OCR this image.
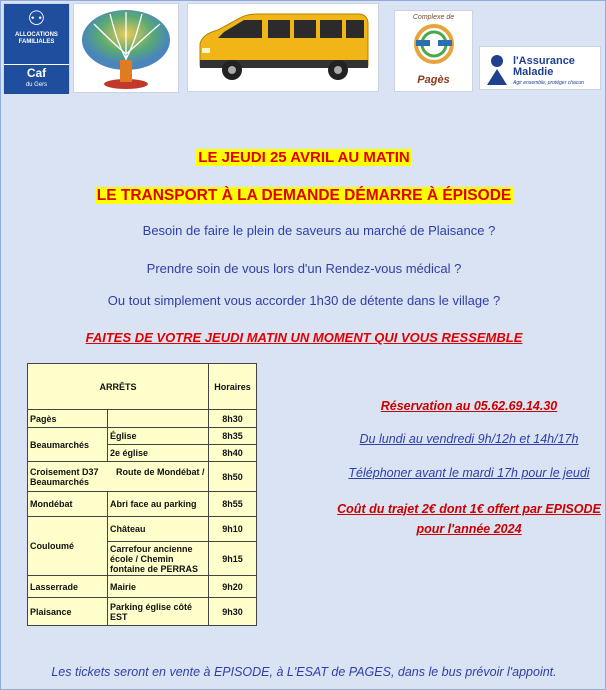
⚇
ALLOCATIONS
FAMILIALES
Caf
du Gers
Complexe de
Pagès
l'Assurance
Maladie
Agir ensemble, protéger chacun
LE JEUDI 25 AVRIL AU MATIN
LE TRANSPORT À LA DEMANDE DÉMARRE À ÉPISODE
Besoin de faire le plein de saveurs au marché de Plaisance ?
Prendre soin de vous lors d'un Rendez-vous médical ?
Ou tout simplement vous accorder 1h30 de détente dans le village ?
FAITES DE VOTRE JEUDI MATIN UN MOMENT QUI VOUS RESSEMBLE
ARRÊTS		Horaires
Pagès		8h30
Beaumarchés	Église	8h35
	2e église	8h40
Croisement D37 Route de Mondébat / Beaumarchés		8h50
Mondébat	Abri face au parking	8h55
Couloumé	Château	9h10
	Carrefour ancienne école / Chemin fontaine de PERRAS	9h15
Lasserrade	Mairie	9h20
Plaisance	Parking église côté EST	9h30
Réservation au 05.62.69.14.30
Du lundi au vendredi 9h/12h et 14h/17h
Téléphoner avant le mardi 17h pour le jeudi
Coût du trajet 2€ dont 1€ offert par EPISODE
pour l'année 2024
Les tickets seront en vente à EPISODE, à L'ESAT de PAGES, dans le bus prévoir l'appoint.
